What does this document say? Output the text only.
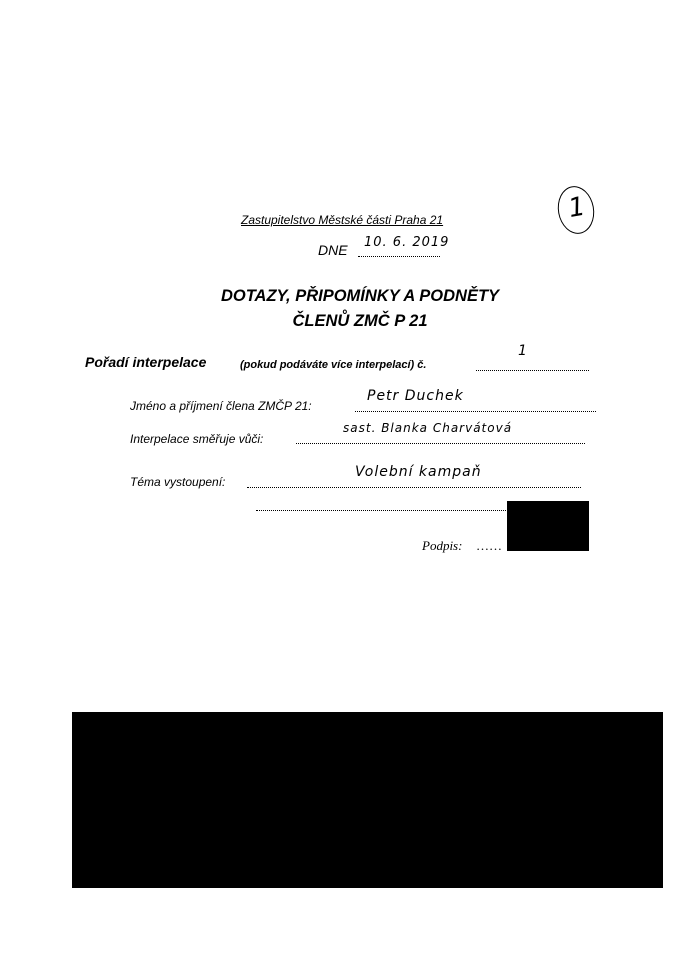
Zastupitelstvo Městské části Praha 21
DNE 10. 6. 2019
1
DOTAZY, PŘIPOMÍNKY A PODNĚTY
ČLENŮ ZMČ P 21
Pořadí interpelace	(pokud podáváte více interpelací) č.
1
Jméno a příjmení člena ZMČP 21:
Petr Duchek
Interpelace směřuje vůči:
sast. Blanka Charvátová
Téma vystoupení:
Volební kampaň
Podpis: ……
